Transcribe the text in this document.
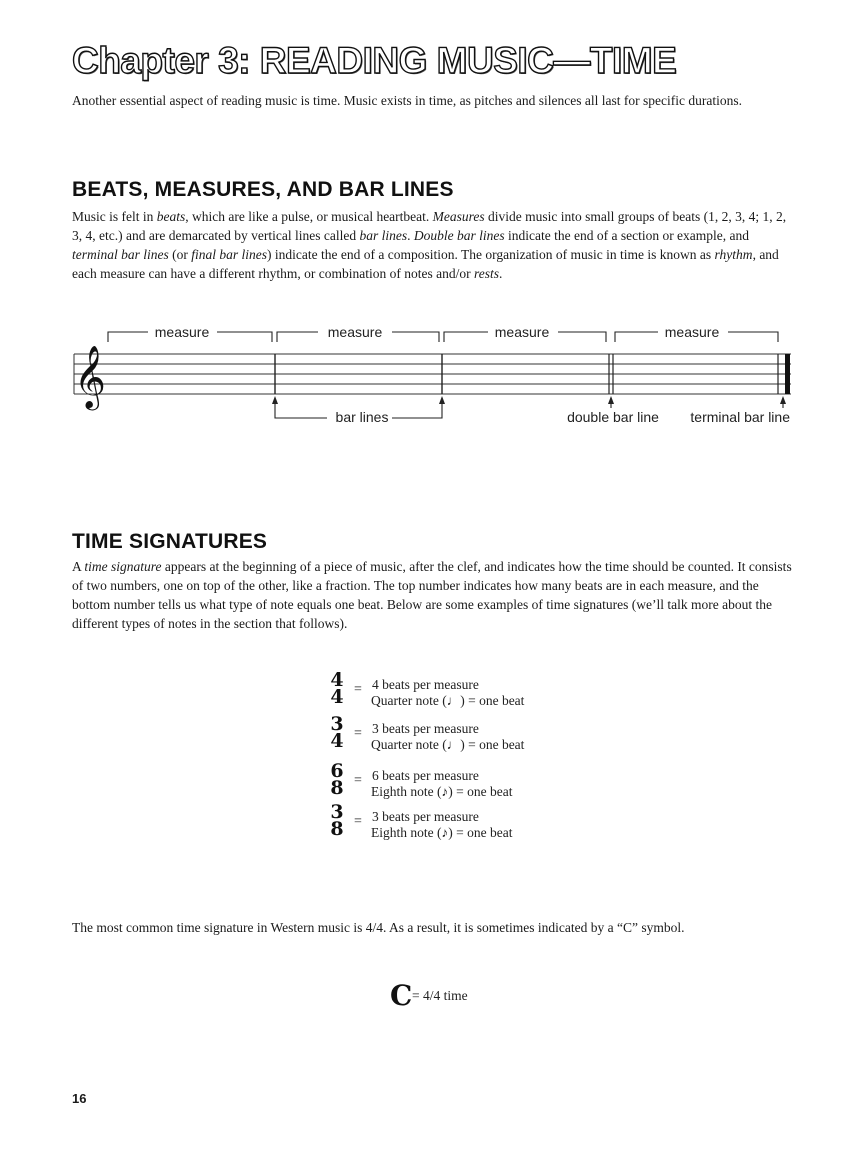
Chapter 3: READING MUSIC—TIME

Another essential aspect of reading music is time. Music exists in time, as pitches and silences all last for specific durations.

BEATS, MEASURES, AND BAR LINES

Music is felt in beats, which are like a pulse, or musical heartbeat. Measures divide music into small groups of beats (1, 2, 3, 4; 1, 2, 3, 4, etc.) and are demarcated by vertical lines called bar lines. Double bar lines indicate the end of a section or example, and terminal bar lines (or final bar lines) indicate the end of a composition. The organization of music in time is known as rhythm, and each measure can have a different rhythm, or combination of notes and/or rests.

𝄞
measure	measure	measure	measure
bar lines	double bar line terminal bar line
TIME SIGNATURES

A time signature appears at the beginning of a piece of music, after the clef, and indicates how the time should be counted. It consists of two numbers, one on top of the other, like a fraction. The top number indicates how many beats are in each measure, and the bottom number tells us what type of note equals one beat. Below are some examples of time signatures (we’ll talk more about the different types of notes in the section that follows).

4
4 = 4 beats per measure
Quarter note (♩) = one beat
3
4 = 3 beats per measure
Quarter note (♩) = one beat
6
8 = 6 beats per measure
Eighth note (♪) = one beat
3
8 = 3 beats per measure
Eighth note (♪) = one beat

The most common time signature in Western music is 4/4. As a result, it is sometimes indicated by a “C” symbol.

C = 4/4 time
16
